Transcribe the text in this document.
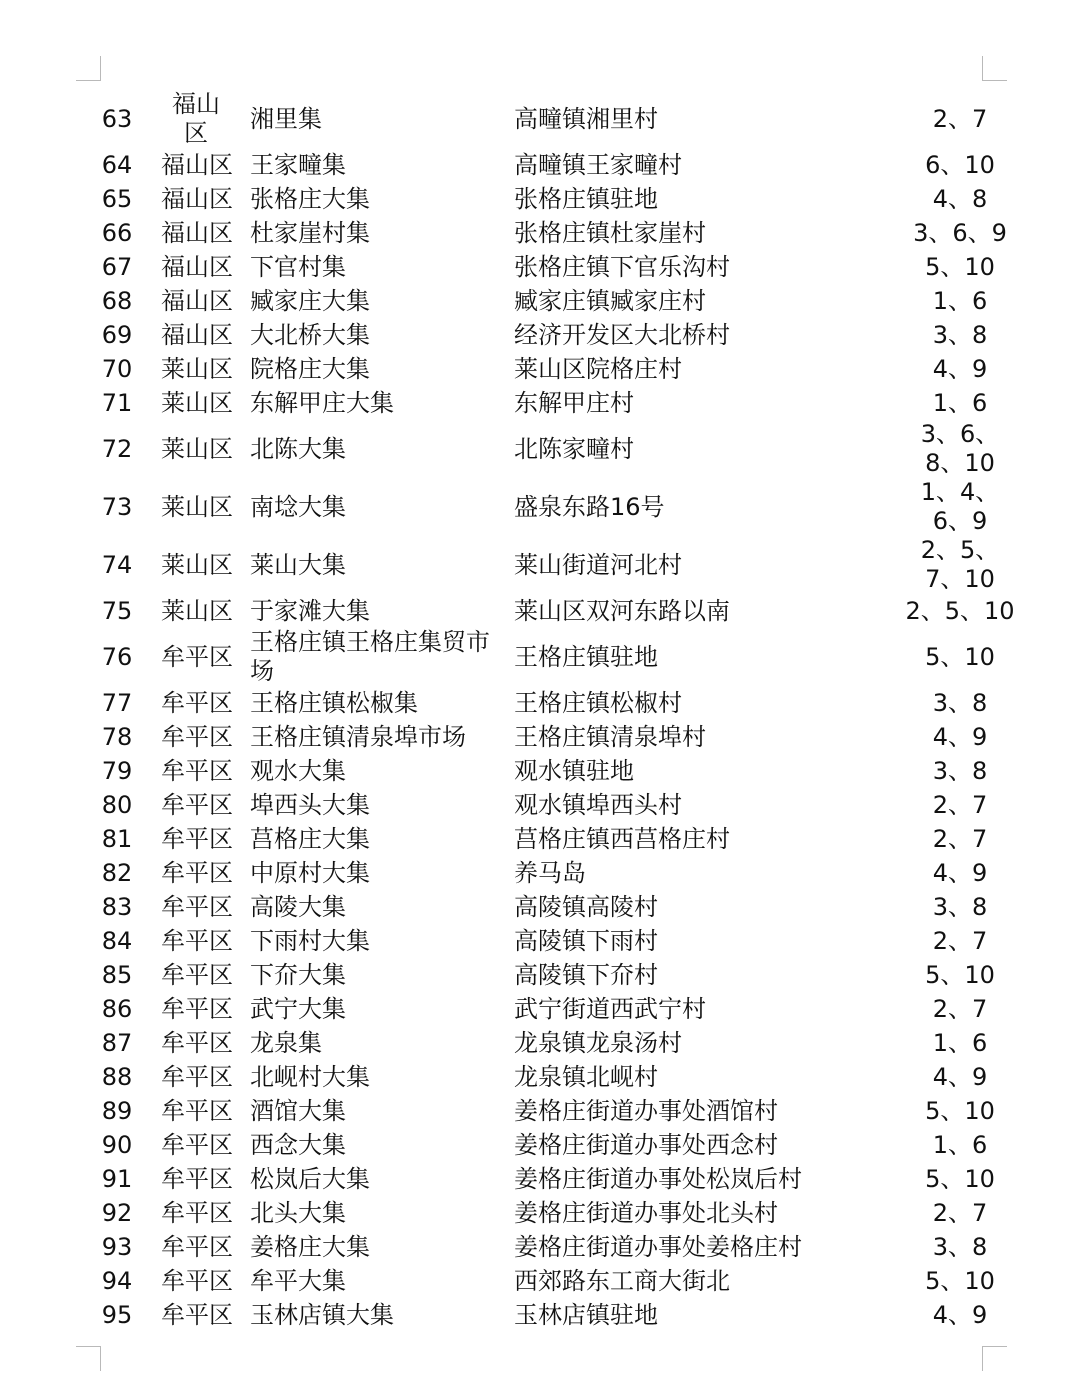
63	福山区	湘里集	高疃镇湘里村	2、7
64	福山区	王家疃集	高疃镇王家疃村	6、10
65	福山区	张格庄大集	张格庄镇驻地	4、8
66	福山区	杜家崖村集	张格庄镇杜家崖村	3、6、9
67	福山区	下官村集	张格庄镇下官乐沟村	5、10
68	福山区	臧家庄大集	臧家庄镇臧家庄村	1、6
69	福山区	大北桥大集	经济开发区大北桥村	3、8
70	莱山区	院格庄大集	莱山区院格庄村	4、9
71	莱山区	东解甲庄大集	东解甲庄村	1、6
72	莱山区	北陈大集	北陈家疃村	3、6、8、10
73	莱山区	南埝大集	盛泉东路16号	1、4、6、9
74	莱山区	莱山大集	莱山街道河北村	2、5、7、10
75	莱山区	于家滩大集	莱山区双河东路以南	2、5、10
76	牟平区	王格庄镇王格庄集贸市场	王格庄镇驻地	5、10
77	牟平区	王格庄镇松椒集	王格庄镇松椒村	3、8
78	牟平区	王格庄镇清泉埠市场	王格庄镇清泉埠村	4、9
79	牟平区	观水大集	观水镇驻地	3、8
80	牟平区	埠西头大集	观水镇埠西头村	2、7
81	牟平区	莒格庄大集	莒格庄镇西莒格庄村	2、7
82	牟平区	中原村大集	养马岛	4、9
83	牟平区	高陵大集	高陵镇高陵村	3、8
84	牟平区	下雨村大集	高陵镇下雨村	2、7
85	牟平区	下夼大集	高陵镇下夼村	5、10
86	牟平区	武宁大集	武宁街道西武宁村	2、7
87	牟平区	龙泉集	龙泉镇龙泉汤村	1、6
88	牟平区	北岘村大集	龙泉镇北岘村	4、9
89	牟平区	酒馆大集	姜格庄街道办事处酒馆村	5、10
90	牟平区	西念大集	姜格庄街道办事处西念村	1、6
91	牟平区	松岚后大集	姜格庄街道办事处松岚后村	5、10
92	牟平区	北头大集	姜格庄街道办事处北头村	2、7
93	牟平区	姜格庄大集	姜格庄街道办事处姜格庄村	3、8
94	牟平区	牟平大集	西郊路东工商大街北	5、10
95	牟平区	玉林店镇大集	玉林店镇驻地	4、9
